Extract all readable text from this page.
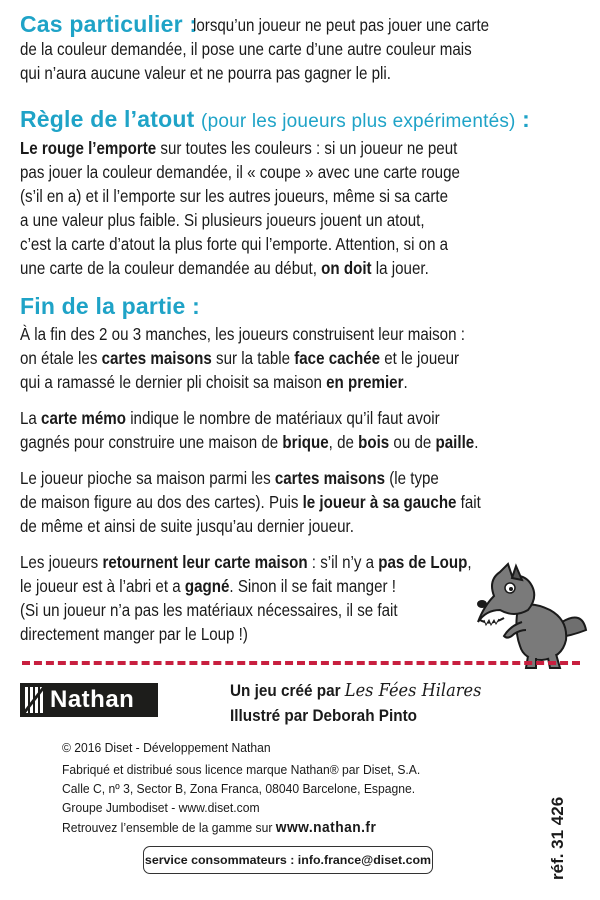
Cas particulier :
lorsqu’un joueur ne peut pas jouer une carte
de la couleur demandée, il pose une carte d’une autre couleur mais
qui n’aura aucune valeur et ne pourra pas gagner le pli.
Règle de l’atout (pour les joueurs plus expérimentés) :
Le rouge l’emporte sur toutes les couleurs : si un joueur ne peut
pas jouer la couleur demandée, il « coupe » avec une carte rouge
(s’il en a) et il l’emporte sur les autres joueurs, même si sa carte
a une valeur plus faible. Si plusieurs joueurs jouent un atout,
c’est la carte d’atout la plus forte qui l’emporte. Attention, si on a
une carte de la couleur demandée au début, on doit la jouer.
Fin de la partie :
À la fin des 2 ou 3 manches, les joueurs construisent leur maison :
on étale les cartes maisons sur la table face cachée et le joueur
qui a ramassé le dernier pli choisit sa maison en premier.
La carte mémo indique le nombre de matériaux qu’il faut avoir
gagnés pour construire une maison de brique, de bois ou de paille.
Le joueur pioche sa maison parmi les cartes maisons (le type
de maison figure au dos des cartes). Puis le joueur à sa gauche fait
de même et ainsi de suite jusqu’au dernier joueur.
Les joueurs retournent leur carte maison : s’il n’y a pas de Loup,
le joueur est à l’abri et a gagné. Sinon il se fait manger !
(Si un joueur n’a pas les matériaux nécessaires, il se fait
directement manger par le Loup !)
Nathan	Un jeu créé par Les Fées Hilares
Illustré par Deborah Pinto
© 2016 Diset - Développement Nathan
Fabriqué et distribué sous licence marque Nathan® par Diset, S.A.
Calle C, nº 3, Sector B, Zona Franca, 08040 Barcelone, Espagne.
Groupe Jumbodiset - www.diset.com
Retrouvez l’ensemble de la gamme sur www.nathan.fr
service consommateurs : info.france@diset.com	réf. 31 426
